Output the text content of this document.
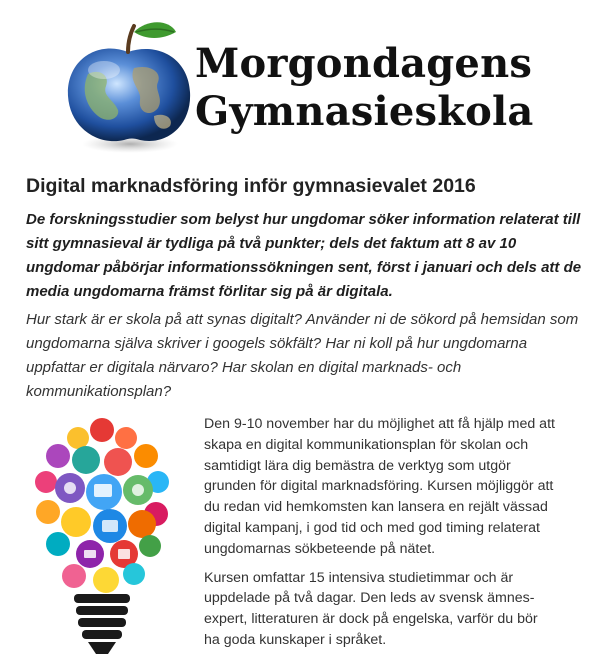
Morgondagens
Gymnasieskola
Digital marknadsföring inför gymnasievalet 2016

De forskningsstudier som belyst hur ungdomar söker information relaterat till sitt gymnasieval är tydliga på två punkter; dels det faktum att 8 av 10 ungdomar påbörjar informationssökningen sent, först i januari och dels att de media ungdomarna främst förlitar sig på är digitala.

Hur stark är er skola på att synas digitalt? Använder ni de sökord på hemsidan som ungdomarna själva skriver i googels sökfält? Har ni koll på hur ungdomarna uppfattar er digitala närvaro? Har skolan en digital marknads- och kommunikationsplan?

Den 9-10 november har du möjlighet att få hjälp med att skapa en digital kommunikationsplan för skolan och samtidigt lära dig bemästra de verktyg som utgör grunden för digital marknadsföring. Kursen möjliggör att du redan vid hemkomsten kan lansera en rejält vässad digital kampanj, i god tid och med god timing relaterat ungdomarnas sökbeteende på nätet.

Kursen omfattar 15 intensiva studietimmar och är uppdelade på två dagar. Den leds av svensk ämnes-expert, litteraturen är dock på engelska, varför du bör ha goda kunskaper i språket.
